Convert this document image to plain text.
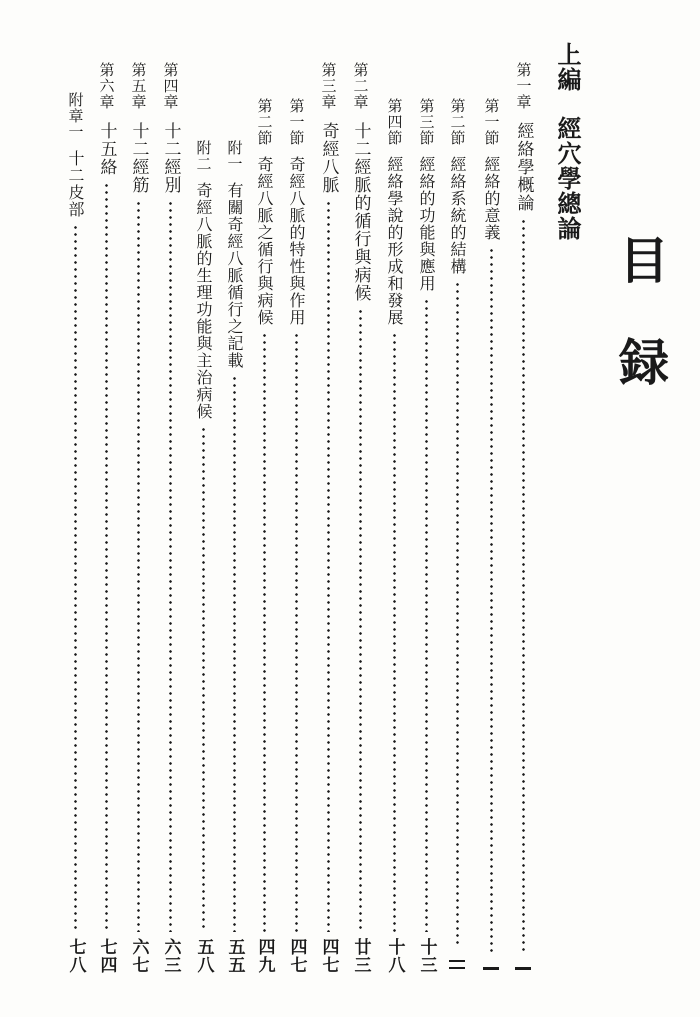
目
録
上編
經穴學總論
第一章
經絡學概論
第一節
經絡的意義
第二節
經絡系統的結構
第三節
經絡的功能與應用
十三
第四節
經絡學說的形成和發展
十八
第二章
十二經脈的循行與病候
廿三
第三章
奇經八脈
四七
第一節
奇經八脈的特性與作用
四七
第二節
奇經八脈之循行與病候
四九
附一
有關奇經八脈循行之記載
五五
附二
奇經八脈的生理功能與主治病候
五八
第四章
十二經別
六三
第五章
十二經筋
六七
第六章
十五絡
七四
附章一
十二皮部
七八
